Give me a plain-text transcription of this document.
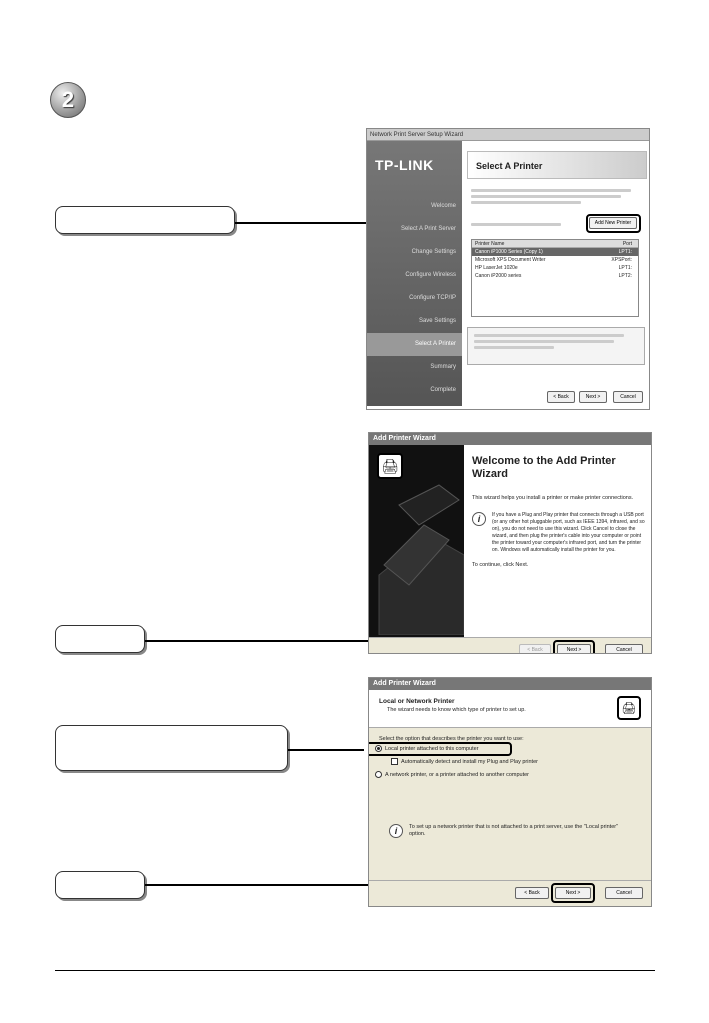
2
Network Print Server Setup Wizard
TP-LINK
Welcome
Select A Print Server
Change Settings
Configure Wireless
Configure TCP/IP
Save Settings
Select A Printer
Summary
Complete
Select A Printer
Add New Printer
Printer Name	Port
Canon iP1000 Series (Copy 1)	LPT1:
Microsoft XPS Document Writer	XPSPort:
HP LaserJet 1020e	LPT1:
Canon iP2000 series	LPT2:
< Back	Next >	Cancel
Add Printer Wizard
🖨	Welcome to the Add Printer Wizard
This wizard helps you install a printer or make printer connections.
i	If you have a Plug and Play printer that connects through a USB port (or any other hot pluggable port, such as IEEE 1394, infrared, and so on), you do not need to use this wizard. Click Cancel to close the wizard, and then plug the printer's cable into your computer or point the printer toward your computer's infrared port, and turn the printer on. Windows will automatically install the printer for you.
To continue, click Next.
< Back	Next >	Cancel
Add Printer Wizard
Local or Network Printer
The wizard needs to know which type of printer to set up.	🖨
Select the option that describes the printer you want to use:
Local printer attached to this computer
Automatically detect and install my Plug and Play printer
A network printer, or a printer attached to another computer
i	To set up a network printer that is not attached to a print server, use the "Local printer" option.
< Back	Next >	Cancel
